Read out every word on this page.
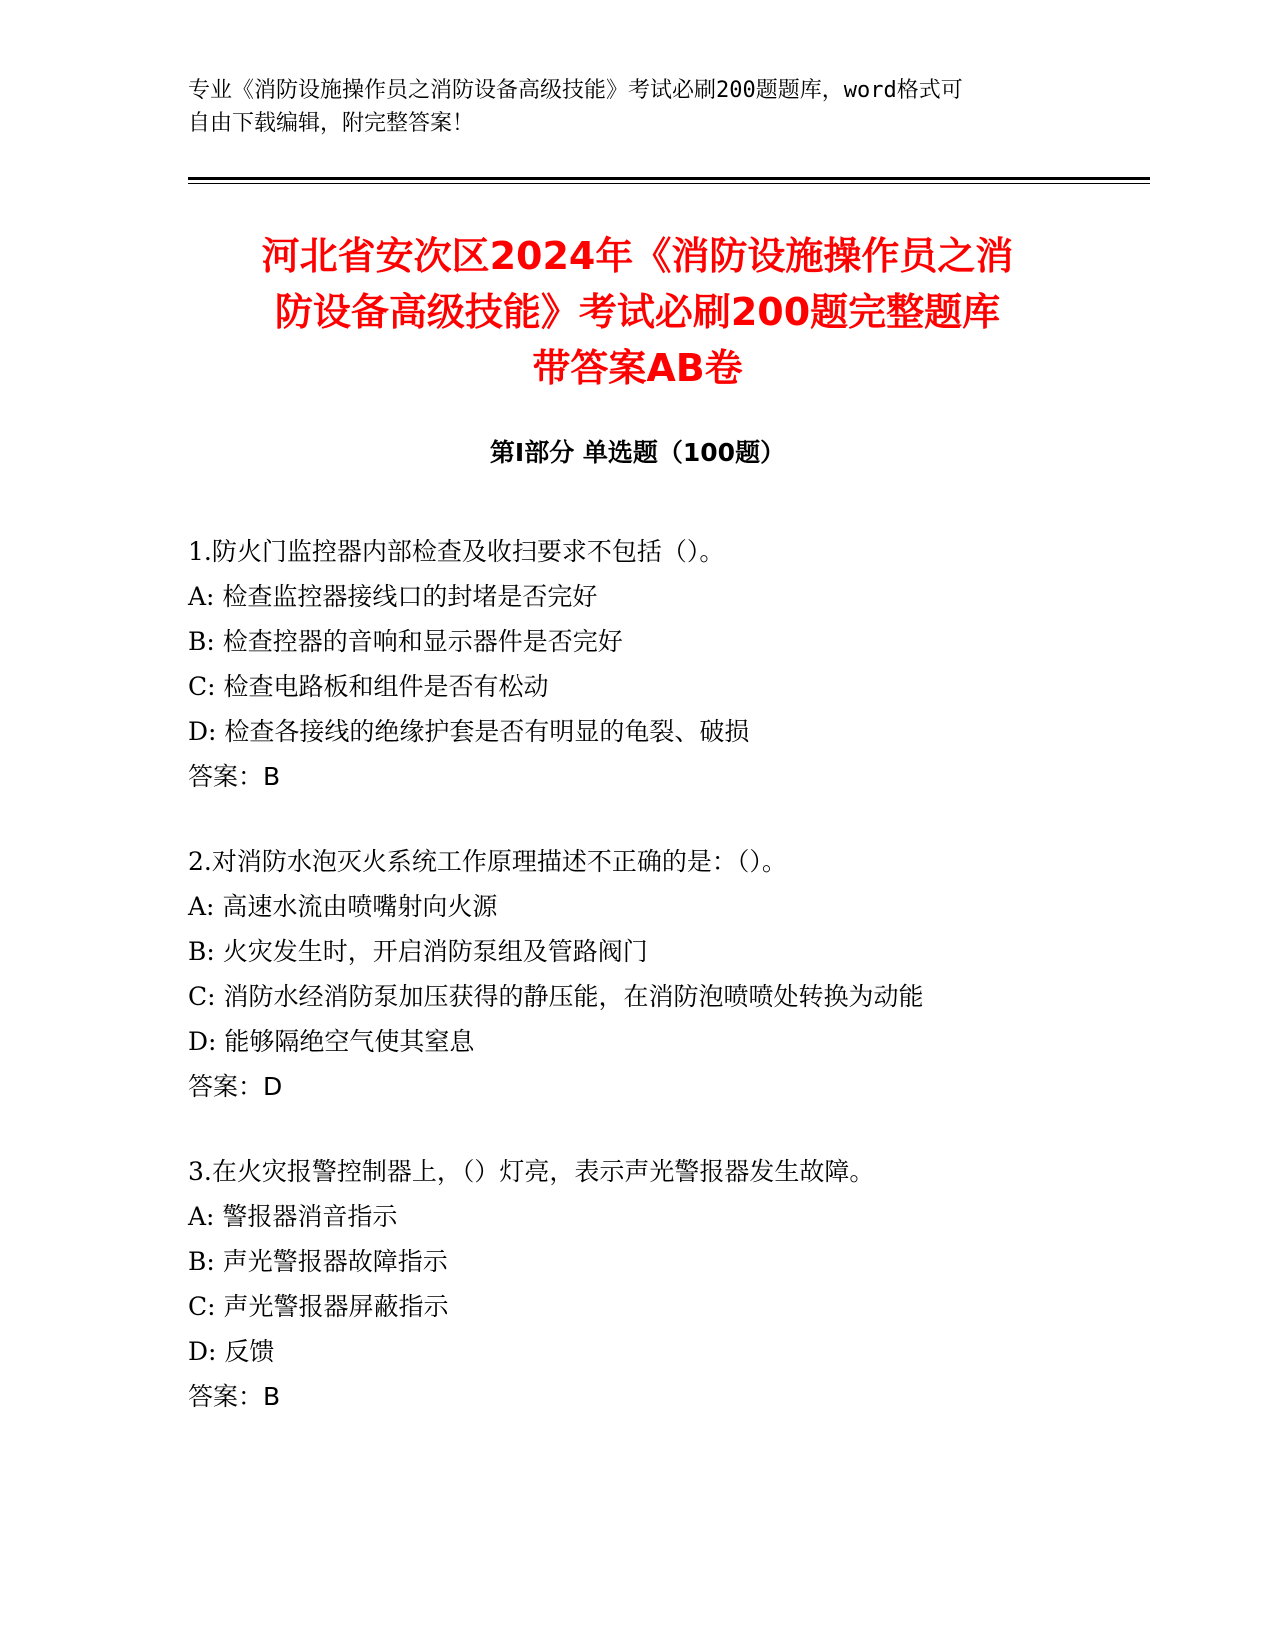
专业《消防设施操作员之消防设备高级技能》考试必刷200题题库，word格式可
自由下载编辑，附完整答案！
河北省安次区2024年《消防设施操作员之消
防设备高级技能》考试必刷200题完整题库
带答案AB卷
第Ⅰ部分 单选题（100题）
1.防火门监控器内部检查及收扫要求不包括（）。
A: 检查监控器接线口的封堵是否完好
B: 检查控器的音响和显示器件是否完好
C: 检查电路板和组件是否有松动
D: 检查各接线的绝缘护套是否有明显的龟裂、破损
答案：B
2.对消防水泡灭火系统工作原理描述不正确的是：（）。
A: 高速水流由喷嘴射向火源
B: 火灾发生时，开启消防泵组及管路阀门
C: 消防水经消防泵加压获得的静压能，在消防泡喷喷处转换为动能
D: 能够隔绝空气使其窒息
答案：D
3.在火灾报警控制器上，（）灯亮，表示声光警报器发生故障。
A: 警报器消音指示
B: 声光警报器故障指示
C: 声光警报器屏蔽指示
D: 反馈
答案：B
